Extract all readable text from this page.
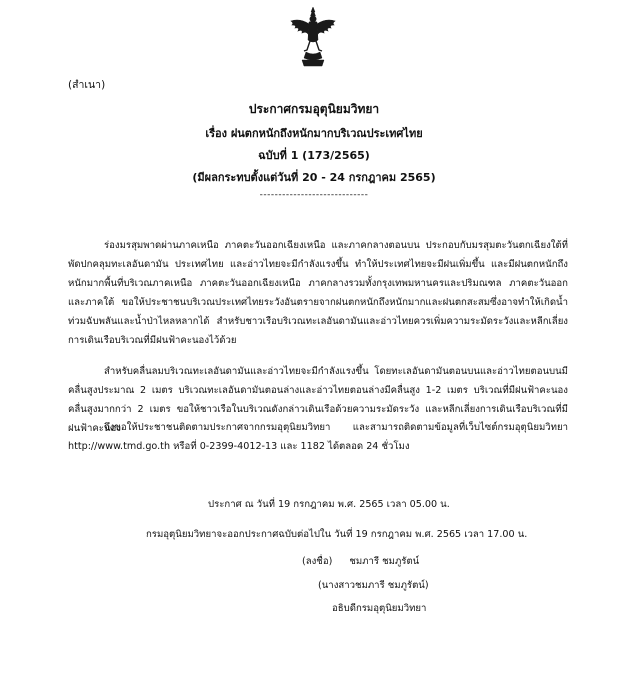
(สำเนา)
ประกาศกรมอุตุนิยมวิทยา
เรื่อง ฝนตกหนักถึงหนักมากบริเวณประเทศไทย
ฉบับที่ 1 (173/2565)
(มีผลกระทบตั้งแต่วันที่ 20 - 24 กรกฎาคม 2565)
-----------------------------
ร่องมรสุมพาดผ่านภาคเหนือ ภาคตะวันออกเฉียงเหนือ และภาคกลางตอนบน ประกอบกับมรสุมตะวันตกเฉียงใต้ที่พัดปกคลุมทะเลอันดามัน ประเทศไทย และอ่าวไทยจะมีกำลังแรงขึ้น ทำให้ประเทศไทยจะมีฝนเพิ่มขึ้น และมีฝนตกหนักถึงหนักมากพื้นที่บริเวณภาคเหนือ ภาคตะวันออกเฉียงเหนือ ภาคกลางรวมทั้งกรุงเทพมหานครและปริมณฑล ภาคตะวันออก และภาคใต้ ขอให้ประชาชนบริเวณประเทศไทยระวังอันตรายจากฝนตกหนักถึงหนักมากและฝนตกสะสมซึ่งอาจทำให้เกิดน้ำท่วมฉับพลันและน้ำป่าไหลหลากได้ สำหรับชาวเรือบริเวณทะเลอันดามันและอ่าวไทยควรเพิ่มความระมัดระวังและหลีกเลี่ยงการเดินเรือบริเวณที่มีฝนฟ้าคะนองไว้ด้วย
สำหรับคลื่นลมบริเวณทะเลอันดามันและอ่าวไทยจะมีกำลังแรงขึ้น โดยทะเลอันดามันตอนบนและอ่าวไทยตอนบนมีคลื่นสูงประมาณ 2 เมตร บริเวณทะเลอันดามันตอนล่างและอ่าวไทยตอนล่างมีคลื่นสูง 1-2 เมตร บริเวณที่มีฝนฟ้าคะนองคลื่นสูงมากกว่า 2 เมตร ขอให้ชาวเรือในบริเวณดังกล่าวเดินเรือด้วยความระมัดระวัง และหลีกเลี่ยงการเดินเรือบริเวณที่มีฝนฟ้าคะนอง
จึงขอให้ประชาชนติดตามประกาศจากกรมอุตุนิยมวิทยา และสามารถติดตามข้อมูลที่เว็บไซต์กรมอุตุนิยมวิทยา http://www.tmd.go.th หรือที่ 0-2399-4012-13 และ 1182 ได้ตลอด 24 ชั่วโมง
ประกาศ ณ วันที่ 19 กรกฎาคม พ.ศ. 2565 เวลา 05.00 น.
กรมอุตุนิยมวิทยาจะออกประกาศฉบับต่อไปใน วันที่ 19 กรกฎาคม พ.ศ. 2565 เวลา 17.00 น.
(ลงชื่อ) ชมภารี ชมภูรัตน์
(นางสาวชมภารี ชมภูรัตน์)
อธิบดีกรมอุตุนิยมวิทยา
